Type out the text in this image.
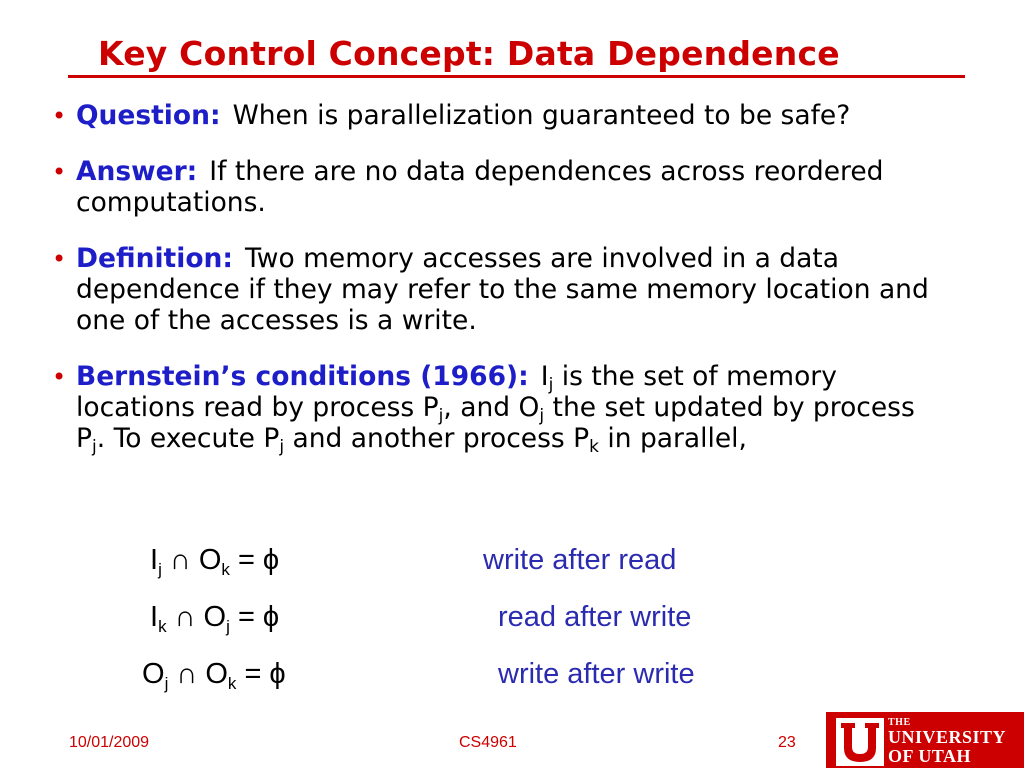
Key Control Concept: Data Dependence
• Question: When is parallelization guaranteed to be safe?
• Answer: If there are no data dependences across reordered computations.
• Definition: Two memory accesses are involved in a data dependence if they may refer to the same memory location and one of the accesses is a write.
• Bernstein’s conditions (1966): $I_j$ is the set of memory locations read by process $P_j$, and $O_j$ the set updated by process $P_j$. To execute $P_j$ and another process $P_k$ in parallel,
$I_j$ ∩ $O_k = \phi$	write after read
$I_k$ ∩ $O_j = \phi$	read after write
$O_j$ ∩ $O_k = \phi$	write after write
10/01/2009	CS4961	23
THE
UNIVERSITY
OF UTAH
